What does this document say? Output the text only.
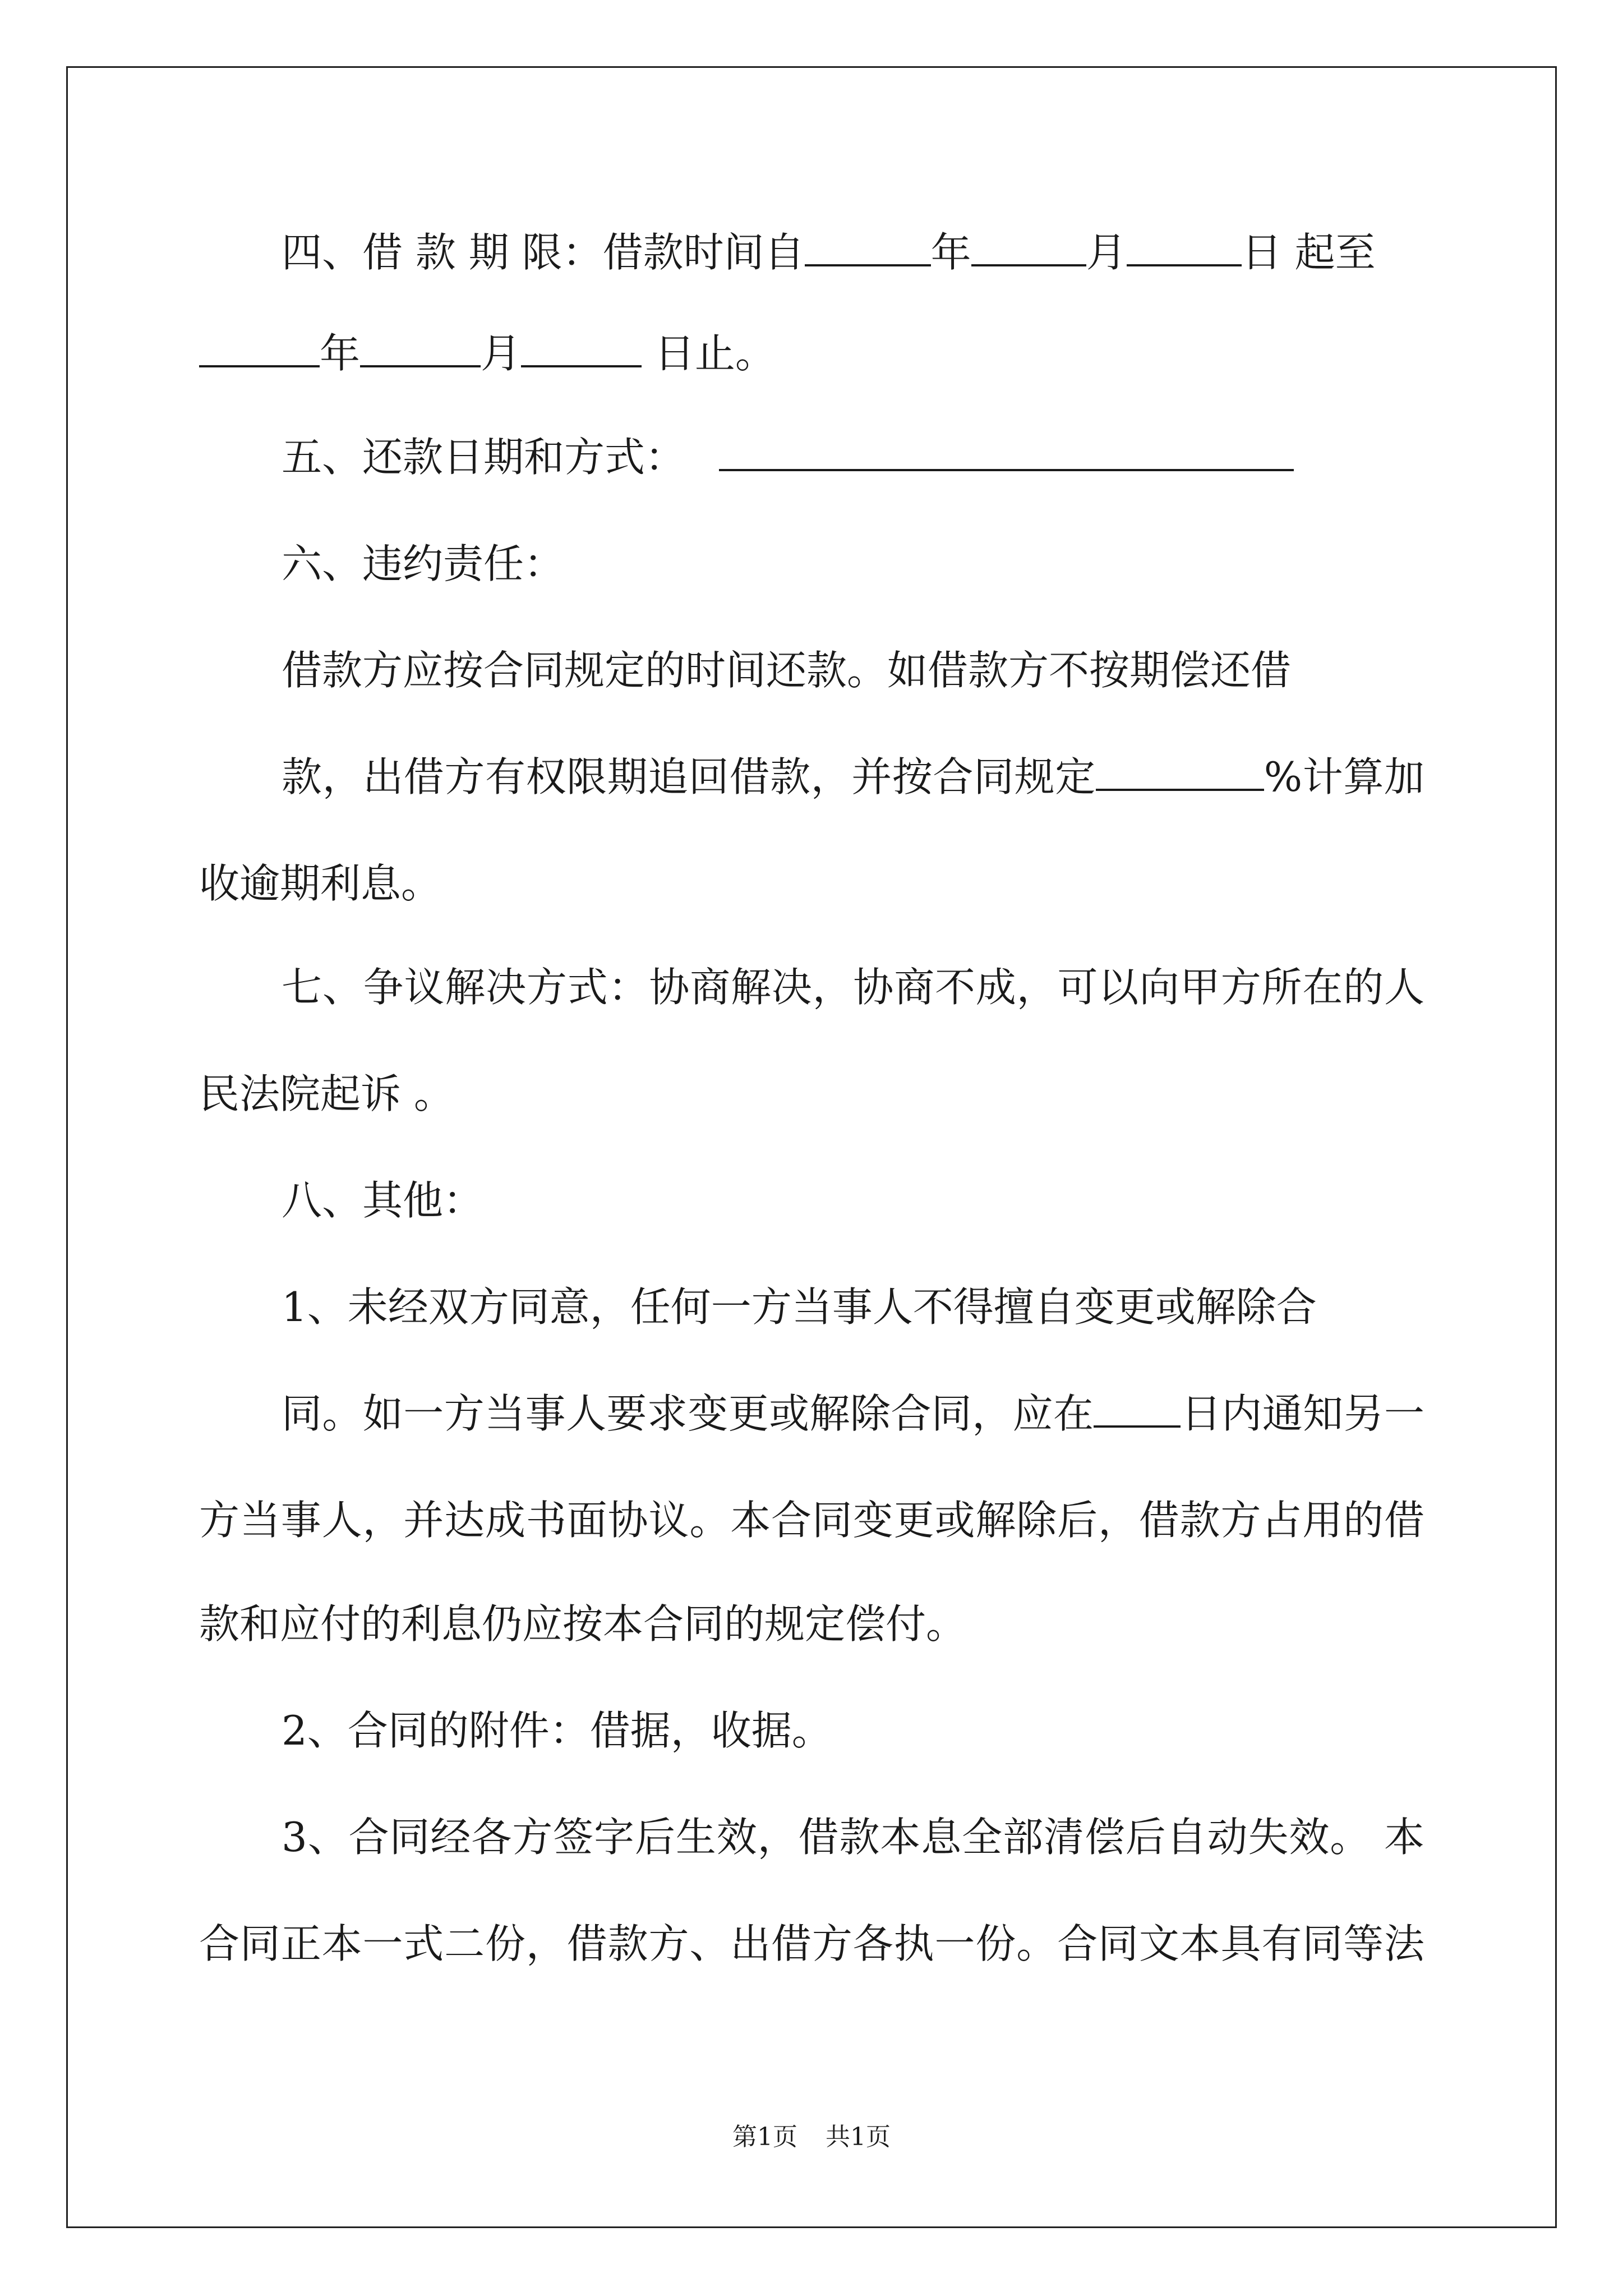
四、借 款 期 限：借款时间自	年	月	日 起至
年	月	日止。
五、还款日期和方式：
六、违约责任：
借款方应按合同规定的时间还款。如借款方不按期偿还借
款，出借方有权限期追回借款，并按合同规定	%计算加
收逾期利息。
七、争议解决方式：协商解决，协商不成，可以向甲方所在的人
民法院起诉 。
八、其他：
1、未经双方同意，任何一方当事人不得擅自变更或解除合
同。如一方当事人要求变更或解除合同，应在 日内通知另一
方当事人，并达成书面协议。本合同变更或解除后，借款方占用的借
款和应付的利息仍应按本合同的规定偿付。
2、合同的附件：借据，收据。
3、合同经各方签字后生效，借款本息全部清偿后自动失效。 本
合同正本一式二份，借款方、出借方各执一份。合同文本具有同等法
第1页 共1页
